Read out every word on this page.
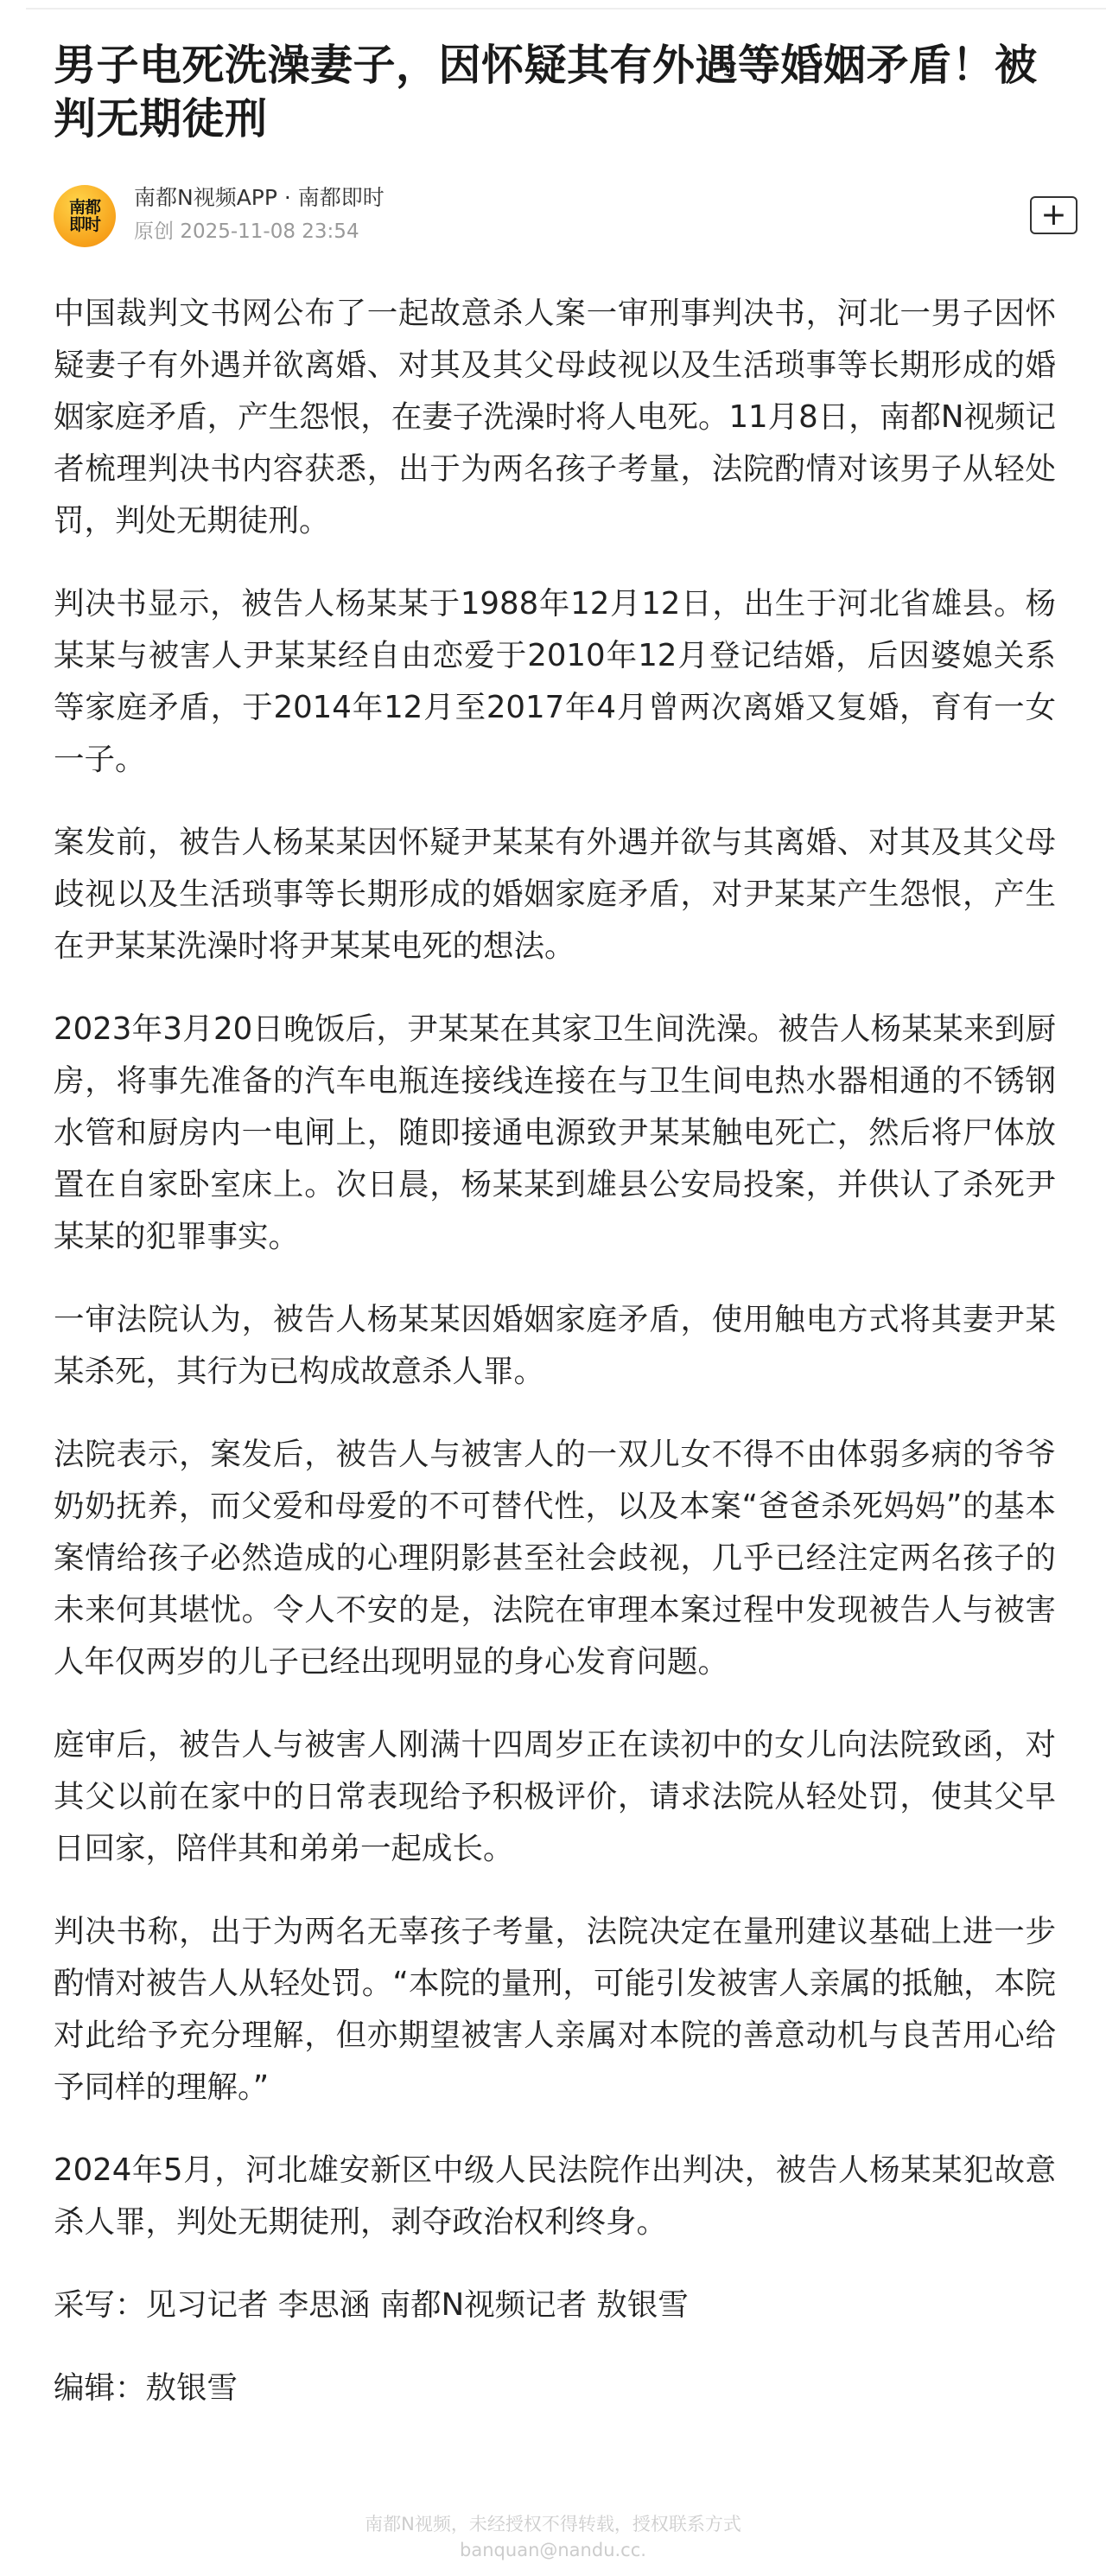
男子电死洗澡妻子，因怀疑其有外遇等婚姻矛盾！被判无期徒刑
南都
即时
南都N视频APP · 南都即时
原创 2025-11-08 23:54	+

中国裁判文书网公布了一起故意杀人案一审刑事判决书，河北一男子因怀疑妻子有外遇并欲离婚、对其及其父母歧视以及生活琐事等长期形成的婚姻家庭矛盾，产生怨恨，在妻子洗澡时将人电死。11月8日，南都N视频记者梳理判决书内容获悉，出于为两名孩子考量，法院酌情对该男子从轻处罚，判处无期徒刑。

判决书显示，被告人杨某某于1988年12月12日，出生于河北省雄县。杨某某与被害人尹某某经自由恋爱于2010年12月登记结婚，后因婆媳关系等家庭矛盾，于2014年12月至2017年4月曾两次离婚又复婚，育有一女一子。

案发前，被告人杨某某因怀疑尹某某有外遇并欲与其离婚、对其及其父母歧视以及生活琐事等长期形成的婚姻家庭矛盾，对尹某某产生怨恨，产生在尹某某洗澡时将尹某某电死的想法。

2023年3月20日晚饭后，尹某某在其家卫生间洗澡。被告人杨某某来到厨房，将事先准备的汽车电瓶连接线连接在与卫生间电热水器相通的不锈钢水管和厨房内一电闸上，随即接通电源致尹某某触电死亡，然后将尸体放置在自家卧室床上。次日晨，杨某某到雄县公安局投案，并供认了杀死尹某某的犯罪事实。

一审法院认为，被告人杨某某因婚姻家庭矛盾，使用触电方式将其妻尹某某杀死，其行为已构成故意杀人罪。

法院表示，案发后，被告人与被害人的一双儿女不得不由体弱多病的爷爷奶奶抚养，而父爱和母爱的不可替代性，以及本案“爸爸杀死妈妈”的基本案情给孩子必然造成的心理阴影甚至社会歧视，几乎已经注定两名孩子的未来何其堪忧。令人不安的是，法院在审理本案过程中发现被告人与被害人年仅两岁的儿子已经出现明显的身心发育问题。

庭审后，被告人与被害人刚满十四周岁正在读初中的女儿向法院致函，对其父以前在家中的日常表现给予积极评价，请求法院从轻处罚，使其父早日回家，陪伴其和弟弟一起成长。

判决书称，出于为两名无辜孩子考量，法院决定在量刑建议基础上进一步酌情对被告人从轻处罚。“本院的量刑，可能引发被害人亲属的抵触，本院对此给予充分理解，但亦期望被害人亲属对本院的善意动机与良苦用心给予同样的理解。”

2024年5月，河北雄安新区中级人民法院作出判决，被告人杨某某犯故意杀人罪，判处无期徒刑，剥夺政治权利终身。

采写：见习记者 李思涵 南都N视频记者 敖银雪

编辑：敖银雪

南都N视频，未经授权不得转载，授权联系方式
banquan@nandu.cc.
